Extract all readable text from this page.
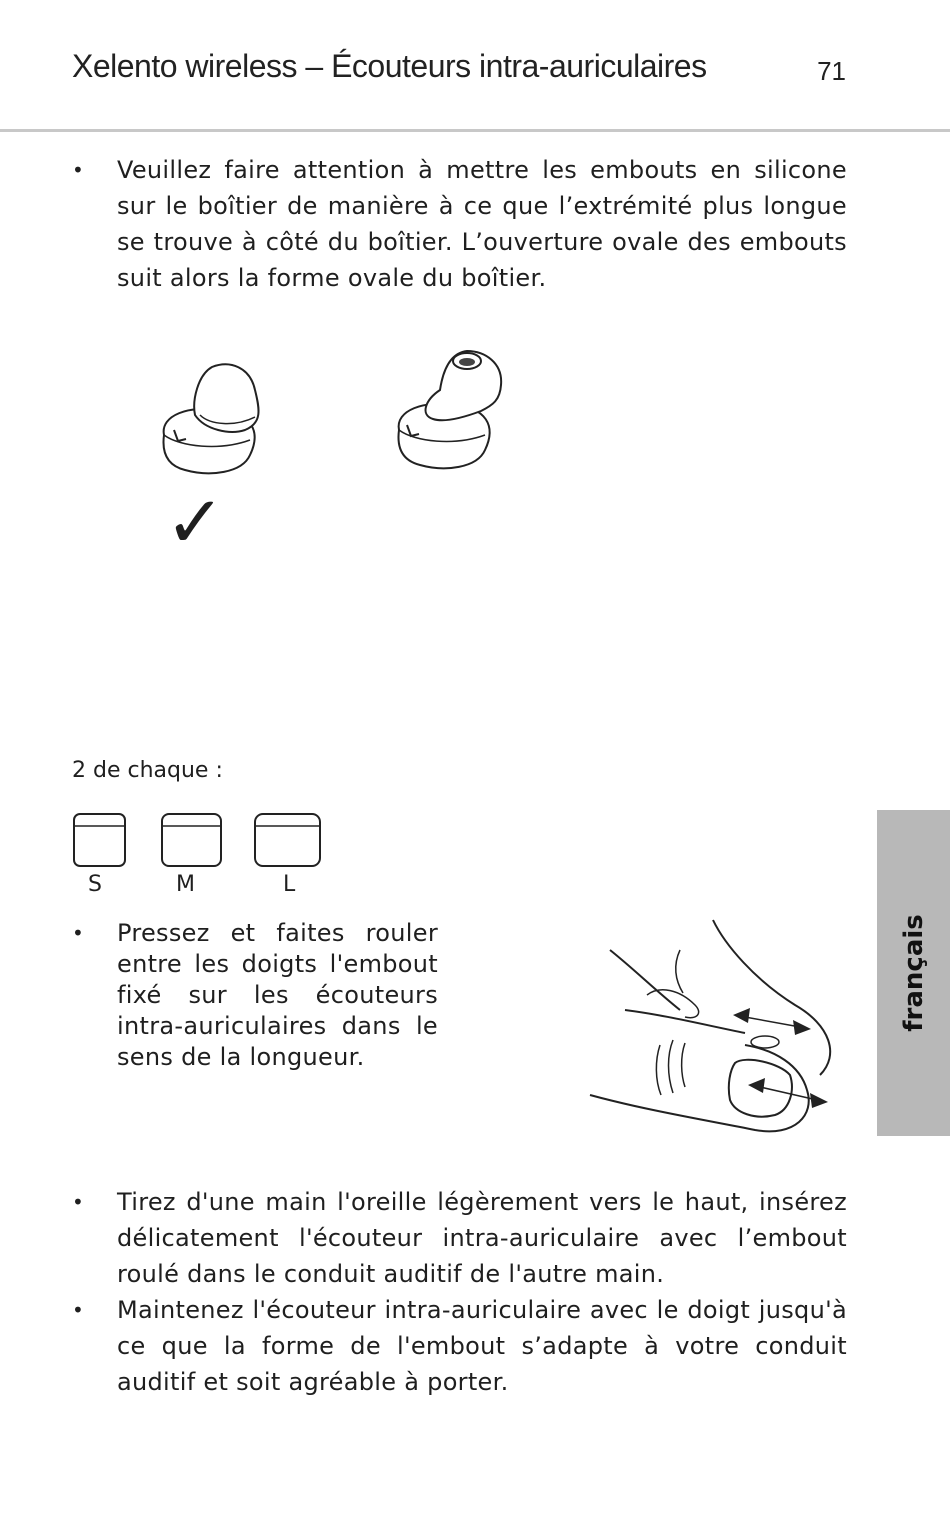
Xelento wireless – Écouteurs intra-auriculaires	71
•	Veuillez faire attention à mettre les embouts en silicone sur le boîtier de manière à ce que l’extrémité plus longue se trouve à côté du boîtier. L’ouverture ovale des embouts suit alors la forme ovale du boîtier.
✓
2 de chaque :
S	M	L
•	Pressez et faites rouler entre les doigts l'embout fixé sur les écouteurs intra-auriculaires dans le sens de la longueur.
•	Tirez d'une main l'oreille légèrement vers le haut, insérez délicatement l'écouteur intra-auriculaire avec l’embout roulé dans le conduit auditif de l'autre main.
•	Maintenez l'écouteur intra-auriculaire avec le doigt jusqu'à ce que la forme de l'embout s’adapte à votre conduit auditif et soit agréable à porter.
français
